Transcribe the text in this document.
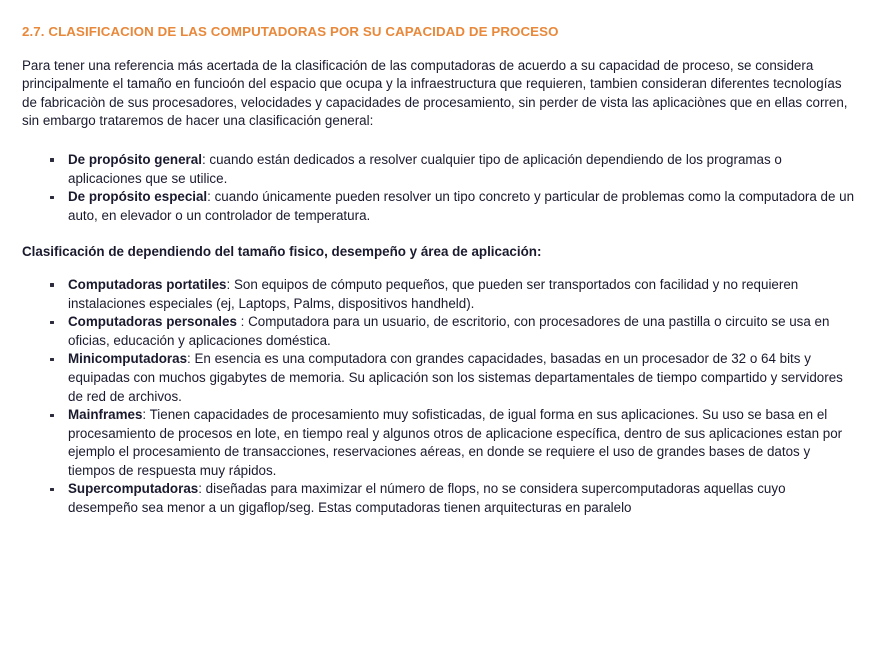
2.7. CLASIFICACION DE LAS COMPUTADORAS POR SU CAPACIDAD DE PROCESO

Para tener una referencia más acertada de la clasificación de las computadoras de acuerdo a su capacidad de proceso, se considera principalmente el tamaño en funcioón del espacio que ocupa y la infraestructura que requieren, tambien consideran diferentes tecnologías de fabricaciòn de sus procesadores, velocidades y capacidades de procesamiento, sin perder de vista las aplicaciònes que en ellas corren, sin embargo trataremos de hacer una clasificación general:

De propósito general: cuando están dedicados a resolver cualquier tipo de aplicación dependiendo de los programas o aplicaciones que se utilice.
De propósito especial: cuando únicamente pueden resolver un tipo concreto y particular de problemas como la computadora de un auto, en elevador o un controlador de temperatura.

Clasificación de dependiendo del tamaño fisico, desempeño y área de aplicación:

Computadoras portatiles: Son equipos de cómputo pequeños, que pueden ser transportados con facilidad y no requieren instalaciones especiales (ej, Laptops, Palms, dispositivos handheld).
Computadoras personales : Computadora para un usuario, de escritorio, con procesadores de una pastilla o circuito se usa en oficias, educación y aplicaciones doméstica.
Minicomputadoras: En esencia es una computadora con grandes capacidades, basadas en un procesador de 32 o 64 bits y equipadas con muchos gigabytes de memoria. Su aplicación son los sistemas departamentales de tiempo compartido y servidores de red de archivos.
Mainframes: Tienen capacidades de procesamiento muy sofisticadas, de igual forma en sus aplicaciones. Su uso se basa en el procesamiento de procesos en lote, en tiempo real y algunos otros de aplicacione específica, dentro de sus aplicaciones estan por ejemplo el procesamiento de transacciones, reservaciones aéreas, en donde se requiere el uso de grandes bases de datos y tiempos de respuesta muy rápidos.
Supercomputadoras: diseñadas para maximizar el número de flops, no se considera supercomputadoras aquellas cuyo desempeño sea menor a un gigaflop/seg. Estas computadoras tienen arquitecturas en paralelo
